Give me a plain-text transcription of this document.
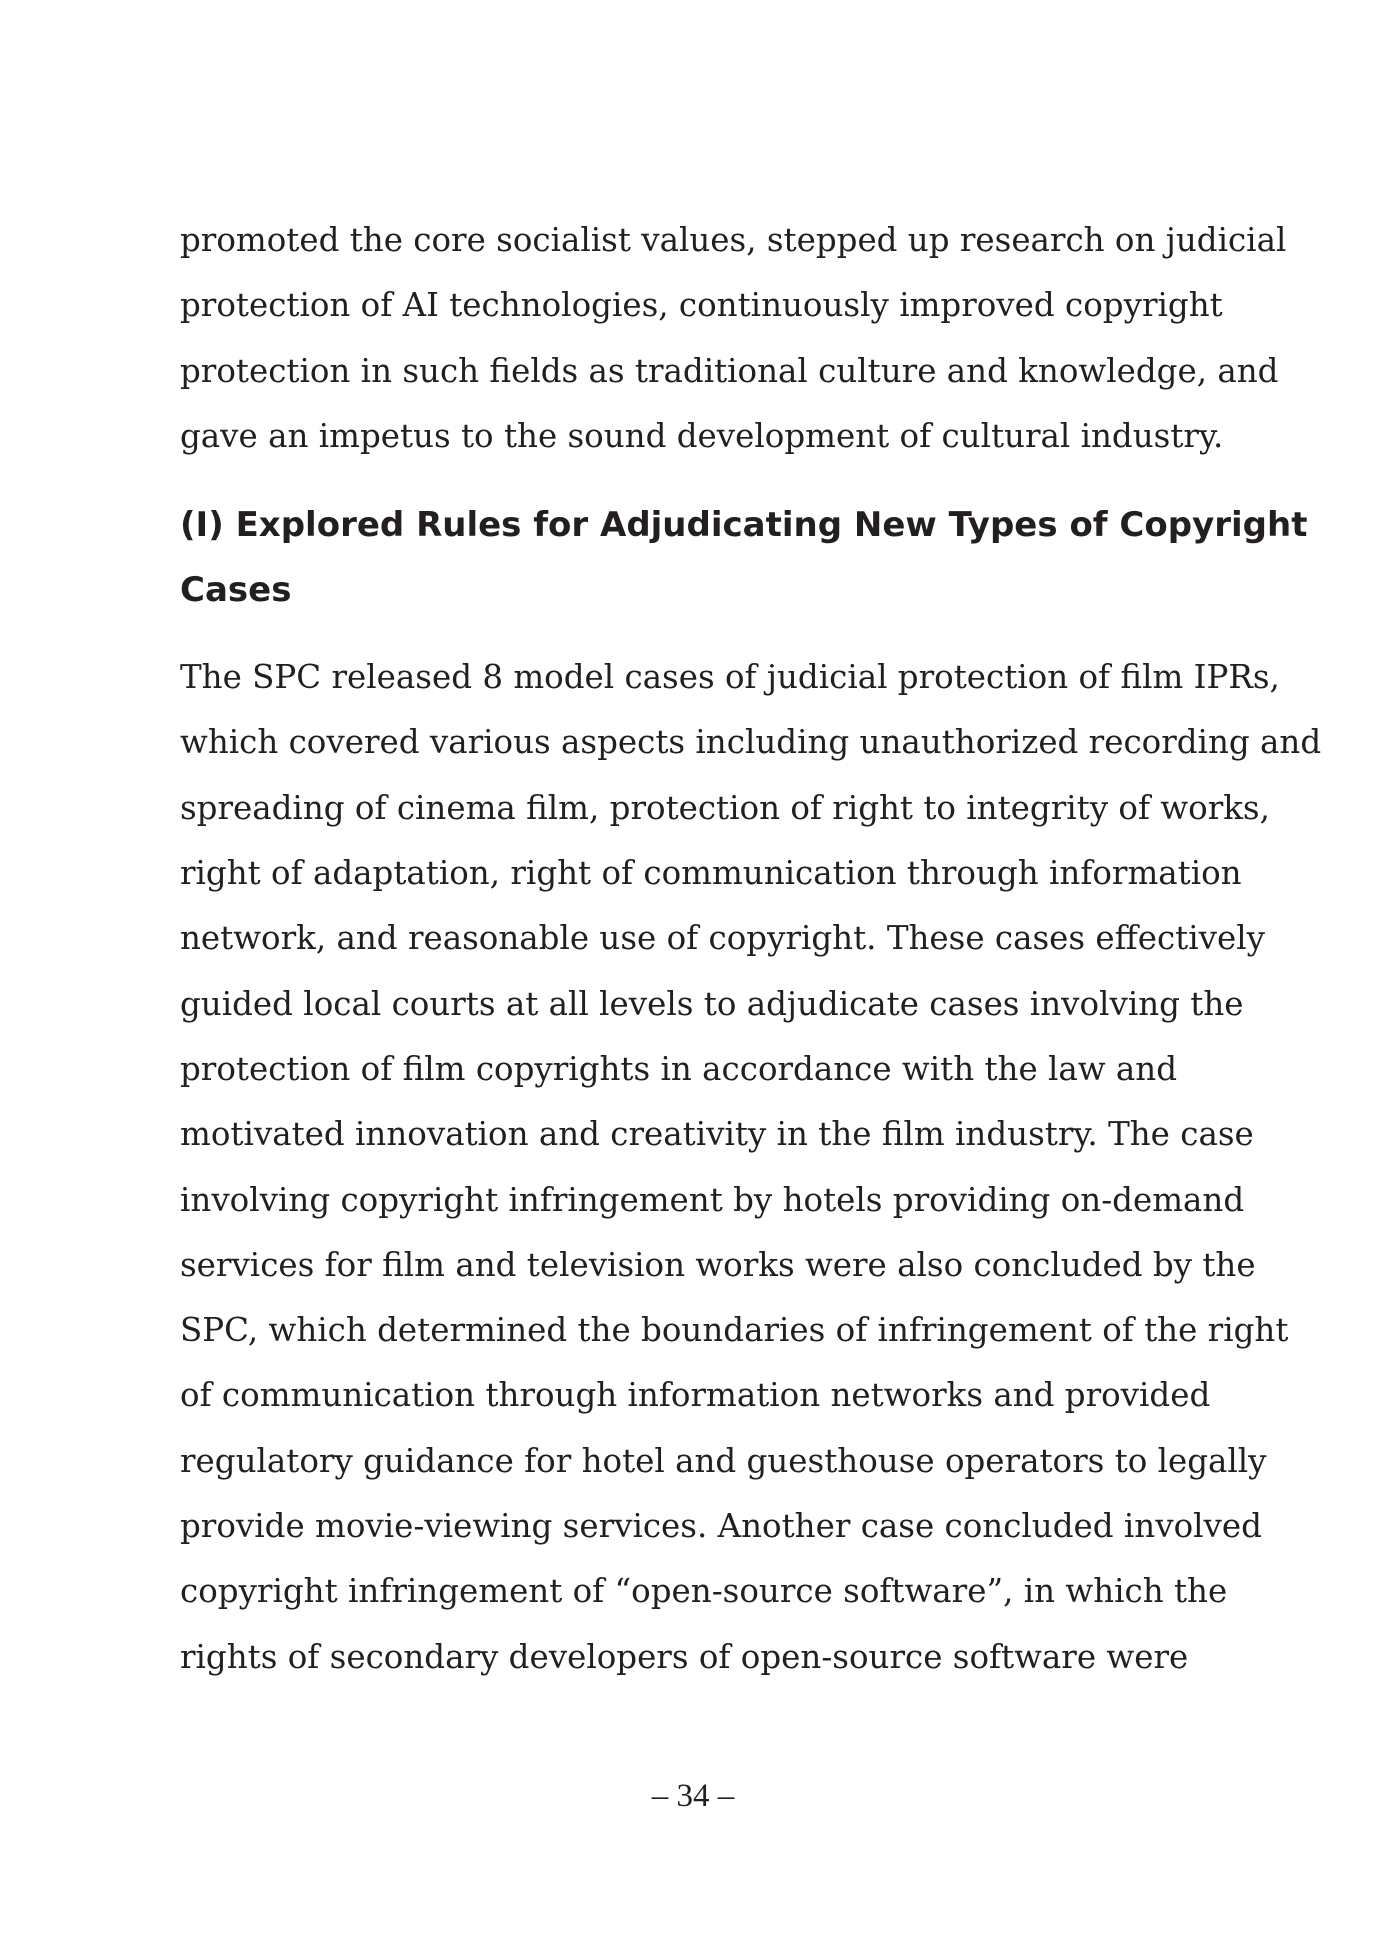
promoted the core socialist values, stepped up research on judicial
protection of AI technologies, continuously improved copyright
protection in such fields as traditional culture and knowledge, and
gave an impetus to the sound development of cultural industry.
(I) Explored Rules for Adjudicating New Types of Copyright
Cases
The SPC released 8 model cases of judicial protection of film IPRs,
which covered various aspects including unauthorized recording and
spreading of cinema film, protection of right to integrity of works,
right of adaptation, right of communication through information
network, and reasonable use of copyright. These cases effectively
guided local courts at all levels to adjudicate cases involving the
protection of film copyrights in accordance with the law and
motivated innovation and creativity in the film industry. The case
involving copyright infringement by hotels providing on-demand
services for film and television works were also concluded by the
SPC, which determined the boundaries of infringement of the right
of communication through information networks and provided
regulatory guidance for hotel and guesthouse operators to legally
provide movie-viewing services. Another case concluded involved
copyright infringement of “open-source software”, in which the
rights of secondary developers of open-source software were
– 34 –
